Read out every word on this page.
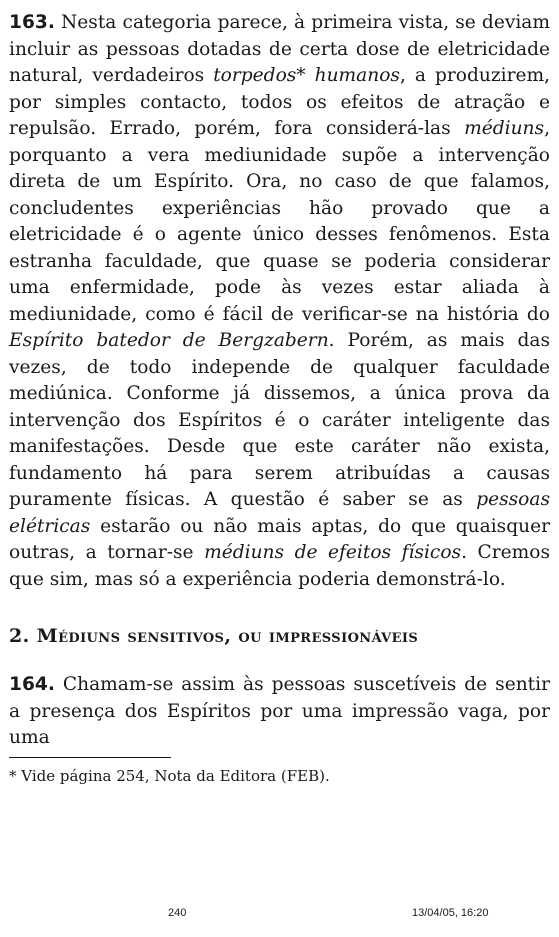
163. Nesta categoria parece, à primeira vista, se deviam incluir as pessoas dotadas de certa dose de eletricidade natural, verdadeiros torpedos* humanos, a produzirem, por simples contacto, todos os efeitos de atração e repulsão. Errado, porém, fora considerá-las médiuns, porquanto a vera mediunidade supõe a intervenção direta de um Espírito. Ora, no caso de que falamos, concludentes experiências hão provado que a eletricidade é o agente único desses fenômenos. Esta estranha faculdade, que quase se poderia considerar uma enfermidade, pode às vezes estar aliada à mediunidade, como é fácil de verificar-se na história do Espírito batedor de Bergzabern. Porém, as mais das vezes, de todo independe de qualquer faculdade mediúnica. Conforme já dissemos, a única prova da intervenção dos Espíritos é o caráter inteligente das manifestações. Desde que este caráter não exista, fundamento há para serem atribuídas a causas puramente físicas. A questão é saber se as pessoas elétricas estarão ou não mais aptas, do que quaisquer outras, a tornar-se médiuns de efeitos físicos. Cremos que sim, mas só a experiência poderia demonstrá-lo.

2. Médiuns sensitivos, ou impressionáveis

164. Chamam-se assim às pessoas suscetíveis de sentir a presença dos Espíritos por uma impressão vaga, por uma

* Vide página 254, Nota da Editora (FEB).

240	13/04/05, 16:20
